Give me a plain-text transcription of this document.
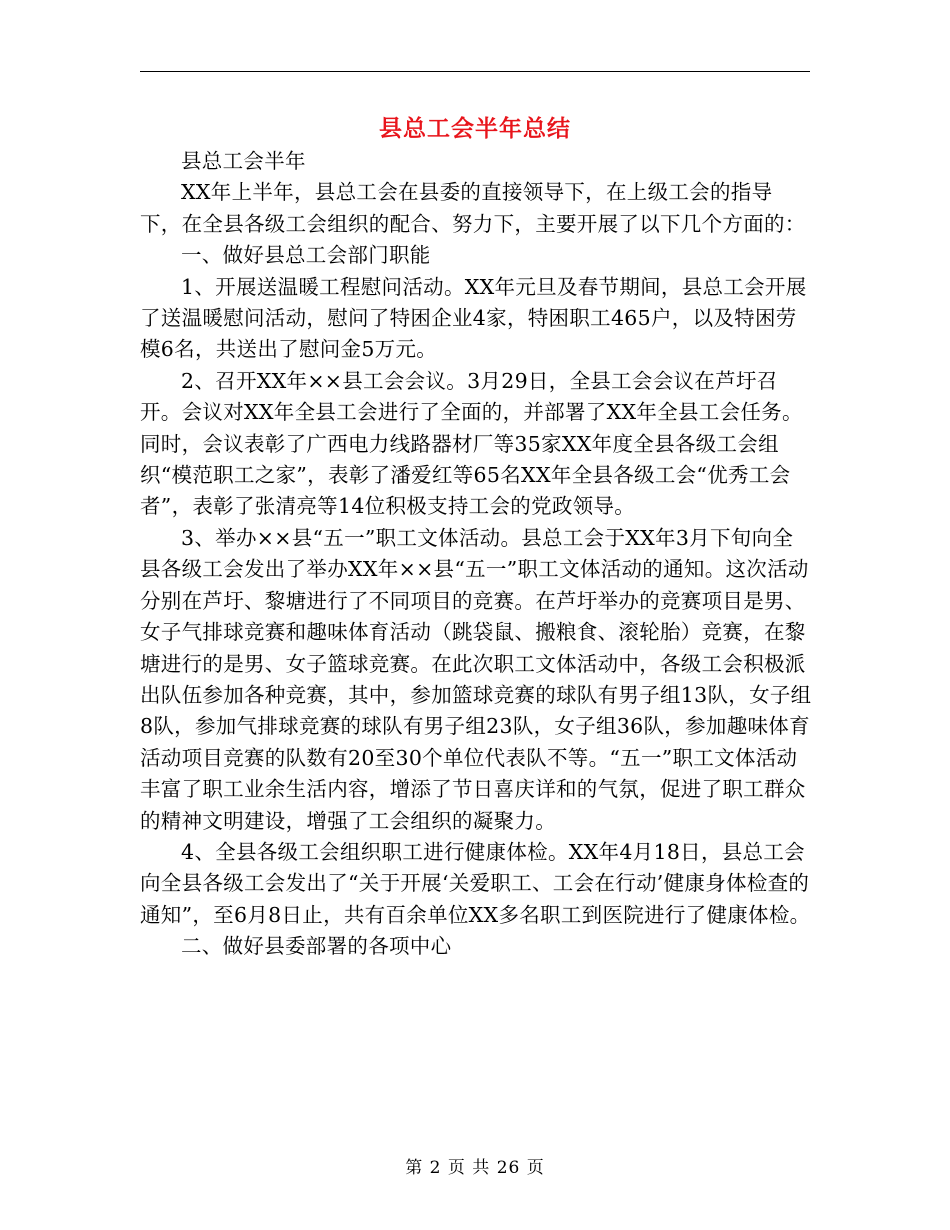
县总工会半年总结

县总工会半年

XX年上半年，县总工会在县委的直接领导下，在上级工会的指导下，在全县各级工会组织的配合、努力下，主要开展了以下几个方面的：

一、做好县总工会部门职能

1、开展送温暖工程慰问活动。XX年元旦及春节期间，县总工会开展了送温暖慰问活动，慰问了特困企业4家，特困职工465户，以及特困劳模6名，共送出了慰问金5万元。

2、召开XX年××县工会会议。3月29日，全县工会会议在芦圩召开。会议对XX年全县工会进行了全面的，并部署了XX年全县工会任务。同时，会议表彰了广西电力线路器材厂等35家XX年度全县各级工会组织“模范职工之家”，表彰了潘爱红等65名XX年全县各级工会“优秀工会者”，表彰了张清亮等14位积极支持工会的党政领导。

3、举办××县“五一”职工文体活动。县总工会于XX年3月下旬向全县各级工会发出了举办XX年××县“五一”职工文体活动的通知。这次活动分别在芦圩、黎塘进行了不同项目的竞赛。在芦圩举办的竞赛项目是男、女子气排球竞赛和趣味体育活动（跳袋鼠、搬粮食、滚轮胎）竞赛，在黎塘进行的是男、女子篮球竞赛。在此次职工文体活动中，各级工会积极派出队伍参加各种竞赛，其中，参加篮球竞赛的球队有男子组13队，女子组8队，参加气排球竞赛的球队有男子组23队，女子组36队，参加趣味体育活动项目竞赛的队数有20至30个单位代表队不等。“五一”职工文体活动丰富了职工业余生活内容，增添了节日喜庆详和的气氛，促进了职工群众的精神文明建设，增强了工会组织的凝聚力。

4、全县各级工会组织职工进行健康体检。XX年4月18日，县总工会向全县各级工会发出了“关于开展‘关爱职工、工会在行动’健康身体检查的通知”，至6月8日止，共有百余单位XX多名职工到医院进行了健康体检。

二、做好县委部署的各项中心

第 2 页 共 26 页
